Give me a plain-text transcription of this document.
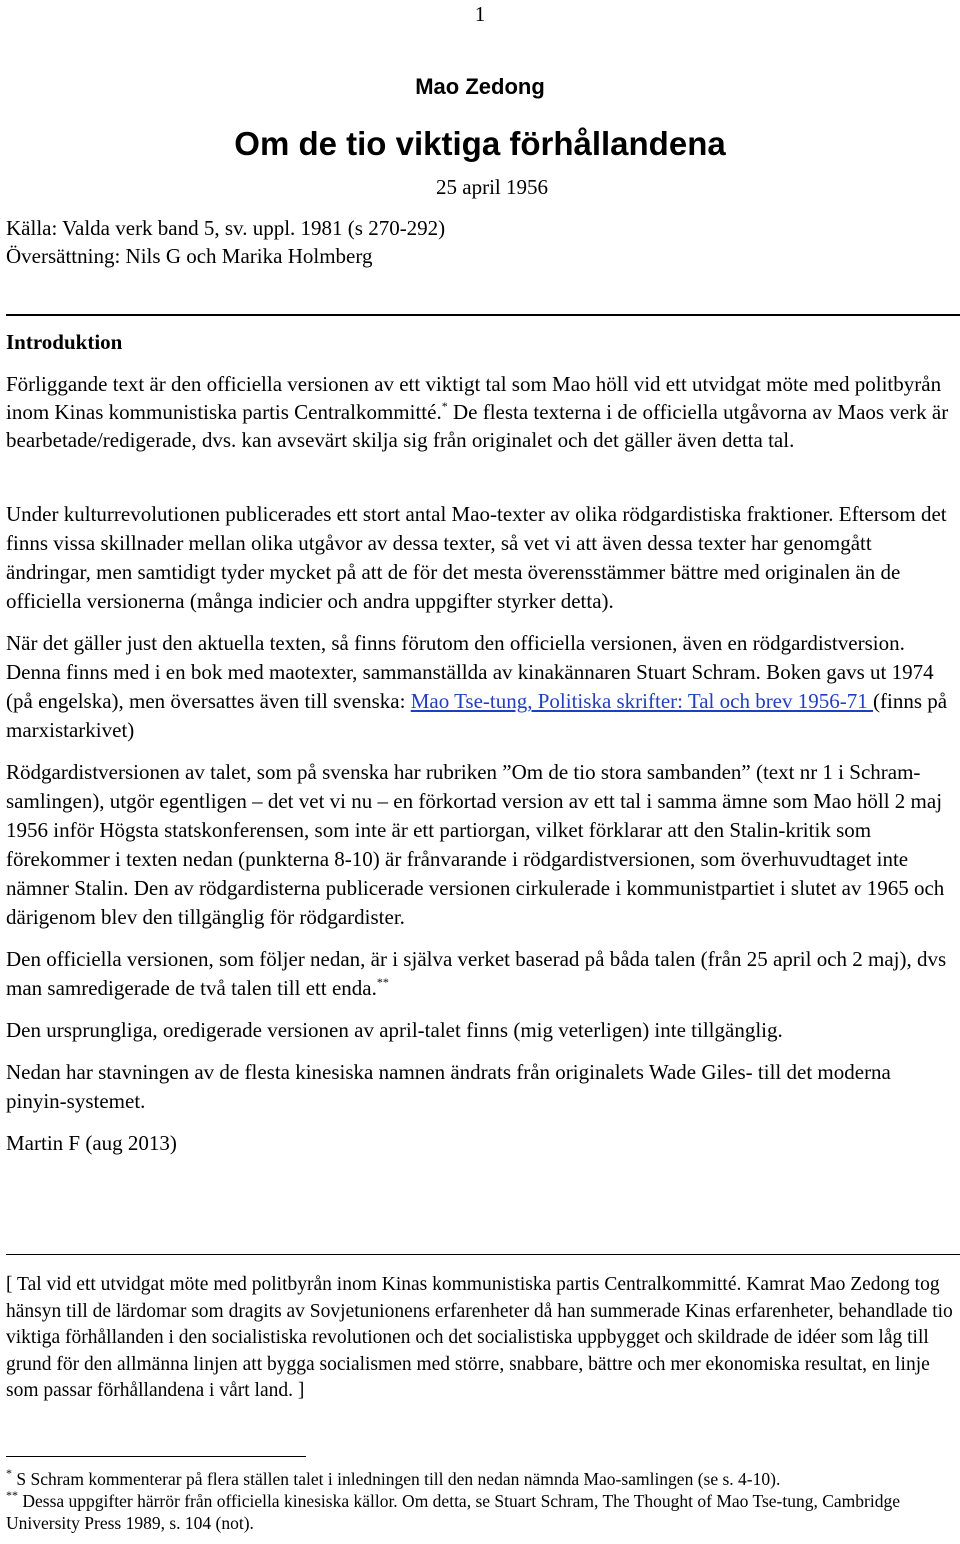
1
Mao Zedong
Om de tio viktiga förhållandena
25 april 1956
Källa: Valda verk band 5, sv. uppl. 1981 (s 270-292)
Översättning: Nils G och Marika Holmberg
Introduktion

Förliggande text är den officiella versionen av ett viktigt tal som Mao höll vid ett utvidgat möte med politbyrån inom Kinas kommunistiska partis Centralkommitté.* De flesta texterna i de officiella utgåvorna av Maos verk är bearbetade/redigerade, dvs. kan avsevärt skilja sig från originalet och det gäller även detta tal.

Under kulturrevolutionen publicerades ett stort antal Mao-texter av olika rödgardistiska fraktioner. Eftersom det finns vissa skillnader mellan olika utgåvor av dessa texter, så vet vi att även dessa texter har genomgått ändringar, men samtidigt tyder mycket på att de för det mesta överensstämmer bättre med originalen än de officiella versionerna (många indicier och andra uppgifter styrker detta).

När det gäller just den aktuella texten, så finns förutom den officiella versionen, även en rödgardistversion. Denna finns med i en bok med maotexter, sammanställda av kinakännaren Stuart Schram. Boken gavs ut 1974 (på engelska), men översattes även till svenska: Mao Tse-tung, Politiska skrifter: Tal och brev 1956-71 (finns på marxistarkivet)

Rödgardistversionen av talet, som på svenska har rubriken ”Om de tio stora sambanden” (text nr 1 i Schram-samlingen), utgör egentligen – det vet vi nu – en förkortad version av ett tal i samma ämne som Mao höll 2 maj 1956 inför Högsta statskonferensen, som inte är ett partiorgan, vilket förklarar att den Stalin-kritik som förekommer i texten nedan (punkterna 8-10) är frånvarande i rödgardistversionen, som överhuvudtaget inte nämner Stalin. Den av rödgardisterna publicerade versionen cirkulerade i kommunistpartiet i slutet av 1965 och därigenom blev den tillgänglig för rödgardister.

Den officiella versionen, som följer nedan, är i själva verket baserad på båda talen (från 25 april och 2 maj), dvs man samredigerade de två talen till ett enda.**

Den ursprungliga, oredigerade versionen av april-talet finns (mig veterligen) inte tillgänglig.

Nedan har stavningen av de flesta kinesiska namnen ändrats från originalets Wade Giles- till det moderna pinyin-systemet.

Martin F (aug 2013)

[ Tal vid ett utvidgat möte med politbyrån inom Kinas kommunistiska partis Centralkommitté. Kamrat Mao Zedong tog hänsyn till de lärdomar som dragits av Sovjetunionens erfarenheter då han summerade Kinas erfarenheter, behandlade tio viktiga förhållanden i den socialistiska revolutionen och det socialistiska uppbygget och skildrade de idéer som låg till grund för den allmänna linjen att bygga socialismen med större, snabbare, bättre och mer ekonomiska resultat, en linje som passar förhållandena i vårt land. ]

* S Schram kommenterar på flera ställen talet i inledningen till den nedan nämnda Mao-samlingen (se s. 4-10).

** Dessa uppgifter härrör från officiella kinesiska källor. Om detta, se Stuart Schram, The Thought of Mao Tse-tung, Cambridge University Press 1989, s. 104 (not).
